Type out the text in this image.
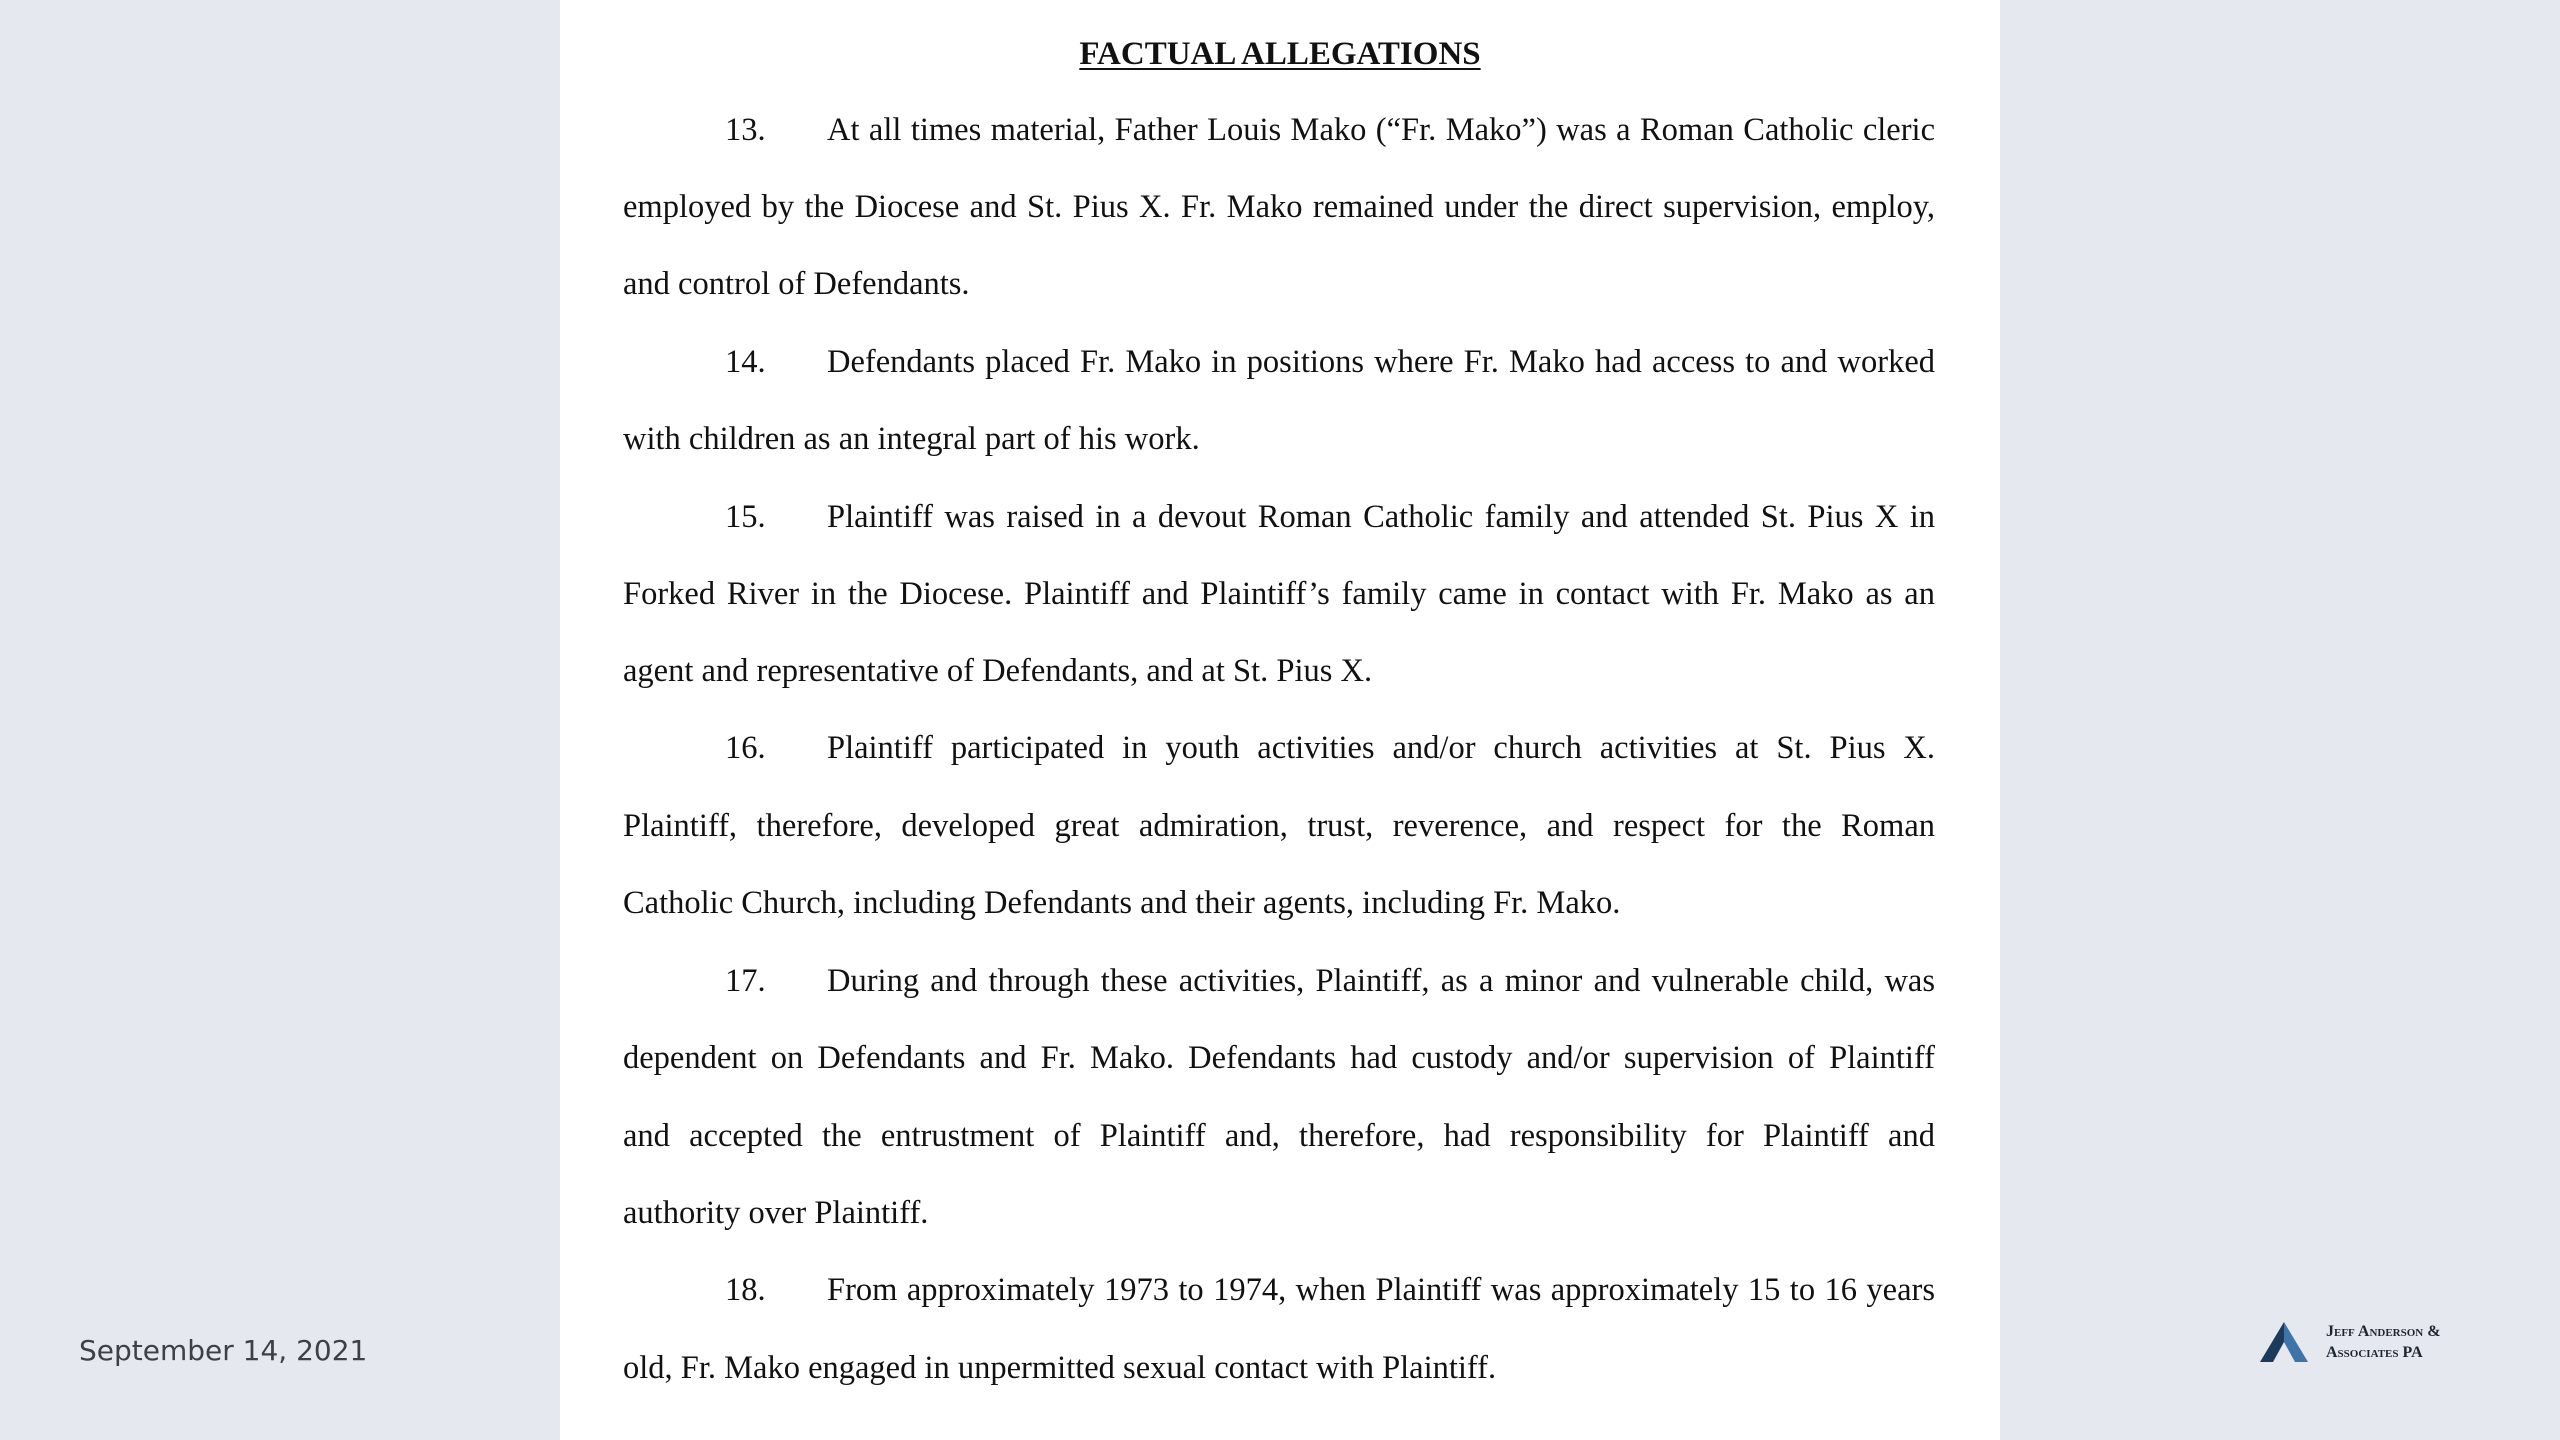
FACTUAL ALLEGATIONS
13. At all times material, Father Louis Mako (“Fr. Mako”) was a Roman Catholic cleric
employed by the Diocese and St. Pius X. Fr. Mako remained under the direct supervision, employ,
and control of Defendants.
14. Defendants placed Fr. Mako in positions where Fr. Mako had access to and worked
with children as an integral part of his work.
15. Plaintiff was raised in a devout Roman Catholic family and attended St. Pius X in
Forked River in the Diocese. Plaintiff and Plaintiff’s family came in contact with Fr. Mako as an
agent and representative of Defendants, and at St. Pius X.
16. Plaintiff participated in youth activities and/or church activities at St. Pius X.
Plaintiff, therefore, developed great admiration, trust, reverence, and respect for the Roman
Catholic Church, including Defendants and their agents, including Fr. Mako.
17. During and through these activities, Plaintiff, as a minor and vulnerable child, was
dependent on Defendants and Fr. Mako. Defendants had custody and/or supervision of Plaintiff
and accepted the entrustment of Plaintiff and, therefore, had responsibility for Plaintiff and
authority over Plaintiff.
18. From approximately 1973 to 1974, when Plaintiff was approximately 15 to 16 years
old, Fr. Mako engaged in unpermitted sexual contact with Plaintiff.
September 14, 2021
Jeff Anderson &
Associates PA
